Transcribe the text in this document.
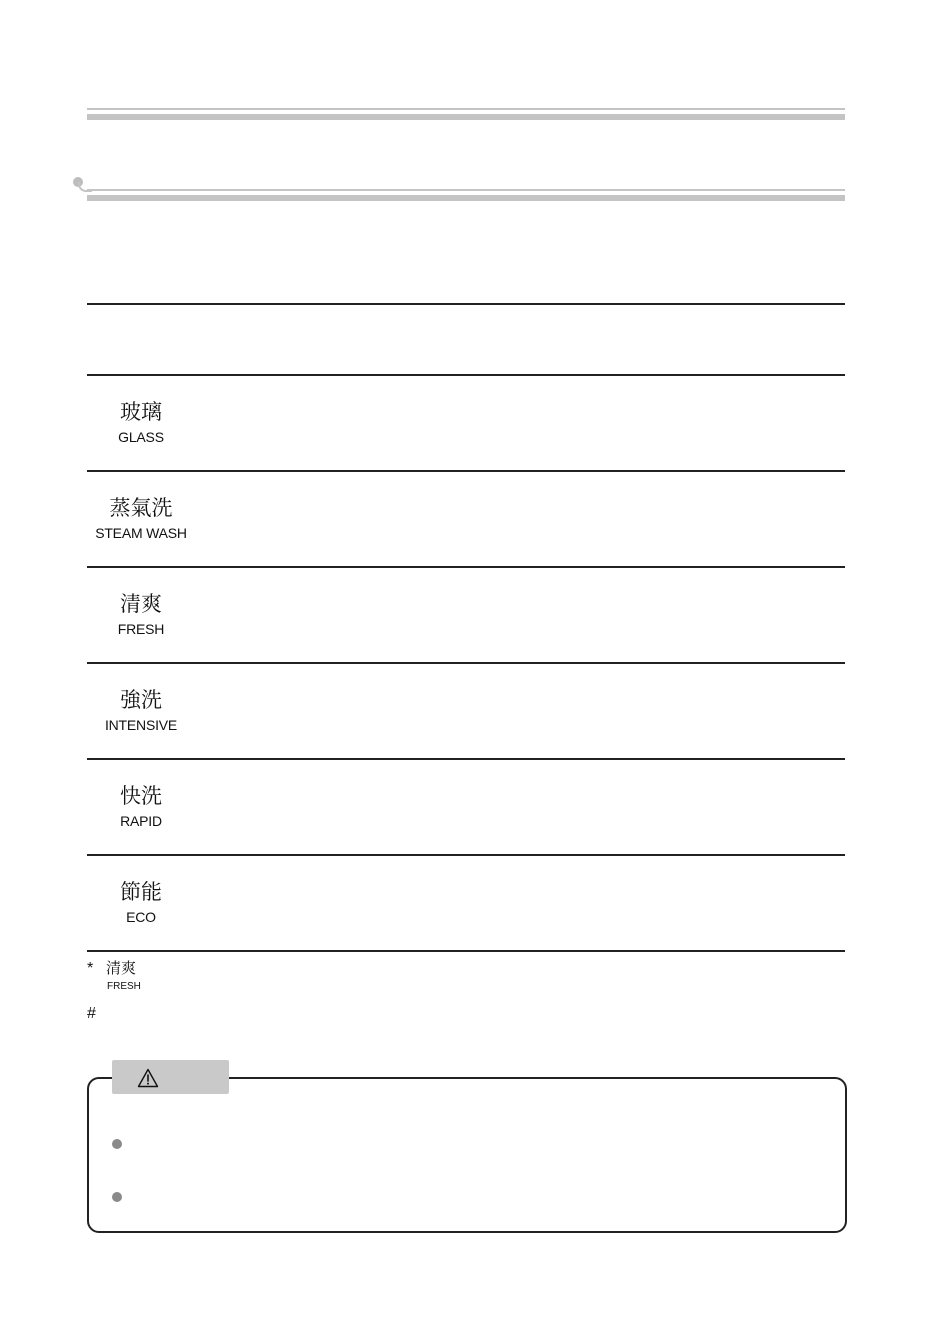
玻璃
GLASS
蒸氣洗
STEAM WASH
清爽
FRESH
強洗
INTENSIVE
快洗
RAPID
節能
ECO
* 清爽
FRESH
#
